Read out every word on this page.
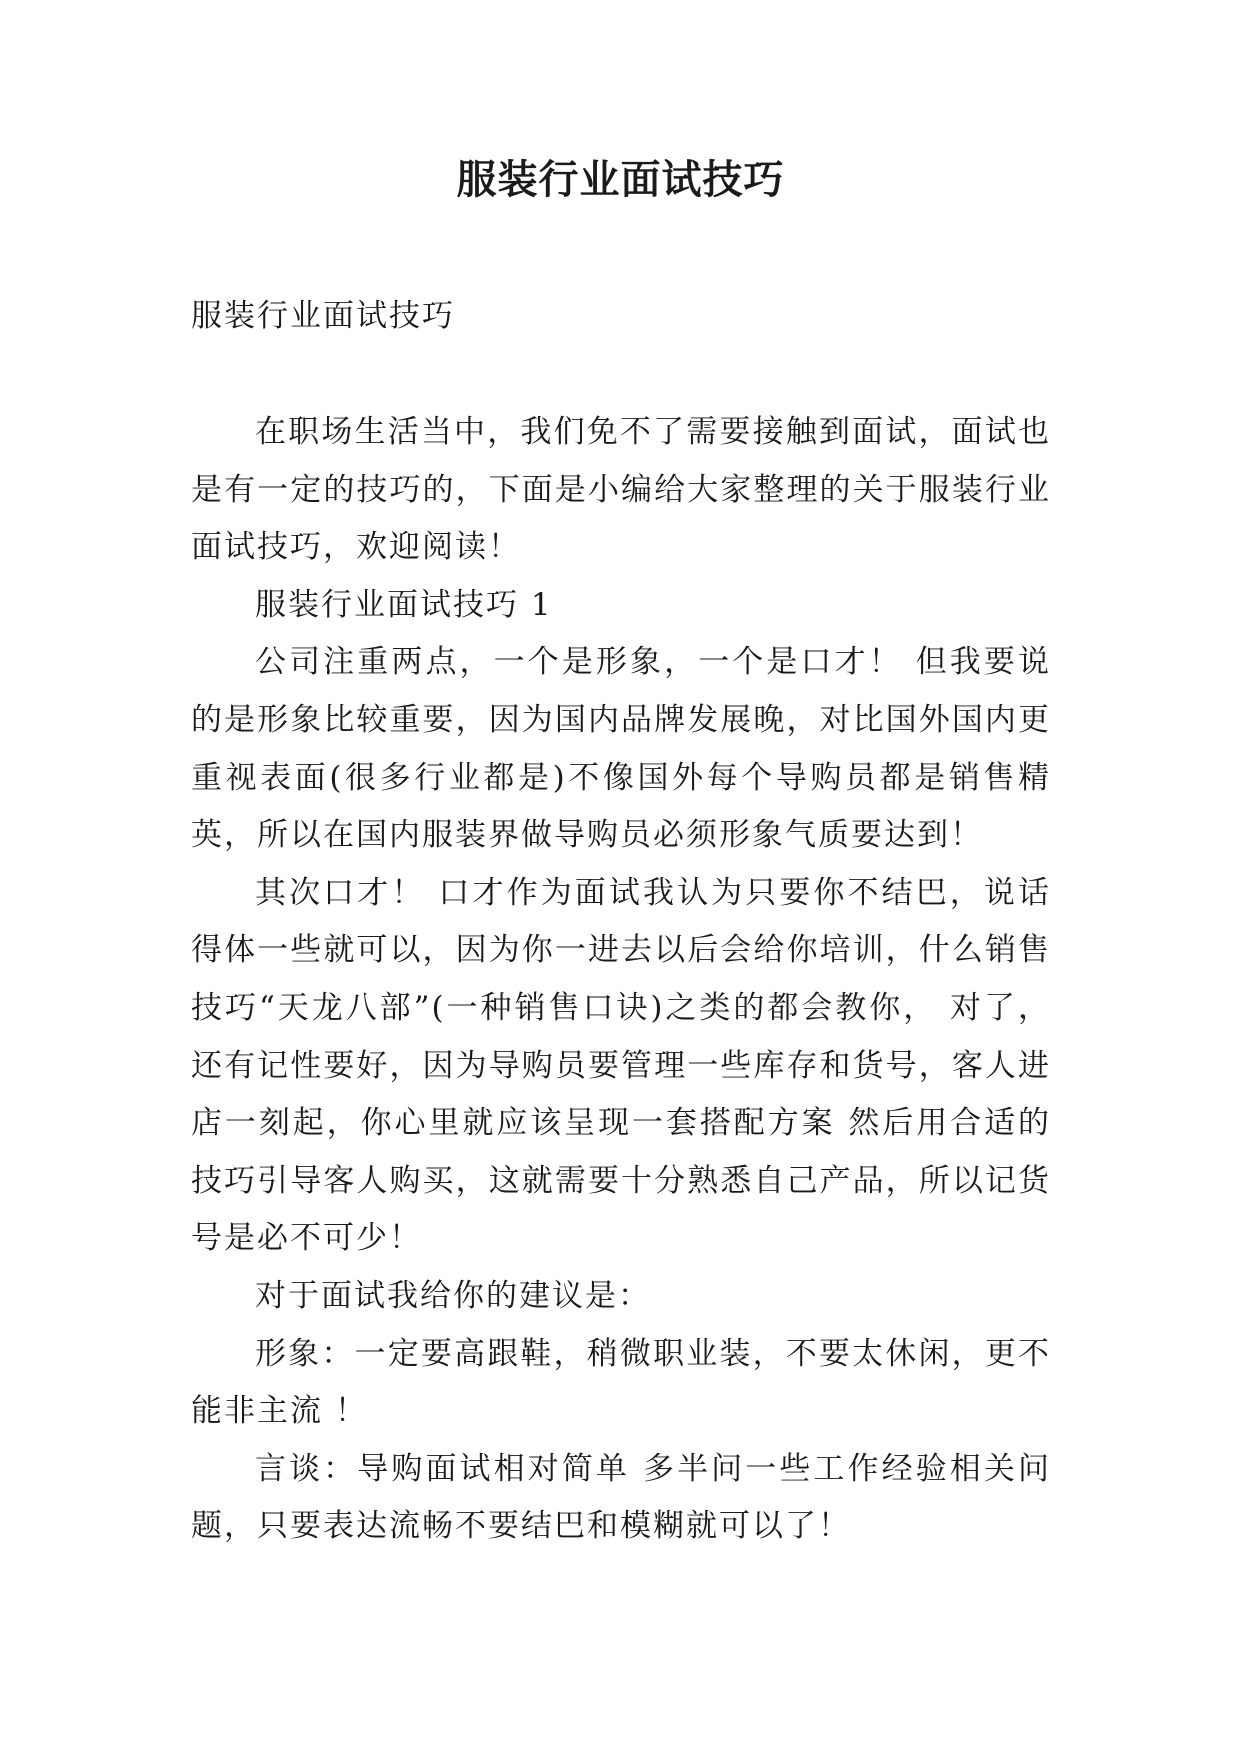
服装行业面试技巧

服装行业面试技巧

在职场生活当中，我们免不了需要接触到面试，面试也是有一定的技巧的，下面是小编给大家整理的关于服装行业面试技巧，欢迎阅读！

服装行业面试技巧 1

公司注重两点，一个是形象，一个是口才！ 但我要说的是形象比较重要，因为国内品牌发展晚，对比国外国内更重视表面(很多行业都是)不像国外每个导购员都是销售精英，所以在国内服装界做导购员必须形象气质要达到！

其次口才！ 口才作为面试我认为只要你不结巴，说话得体一些就可以，因为你一进去以后会给你培训，什么销售技巧“天龙八部”(一种销售口诀)之类的都会教你， 对了，还有记性要好，因为导购员要管理一些库存和货号，客人进店一刻起，你心里就应该呈现一套搭配方案 然后用合适的技巧引导客人购买，这就需要十分熟悉自己产品，所以记货号是必不可少！

对于面试我给你的建议是：

形象：一定要高跟鞋，稍微职业装，不要太休闲，更不能非主流 ！

言谈：导购面试相对简单 多半问一些工作经验相关问题，只要表达流畅不要结巴和模糊就可以了！
